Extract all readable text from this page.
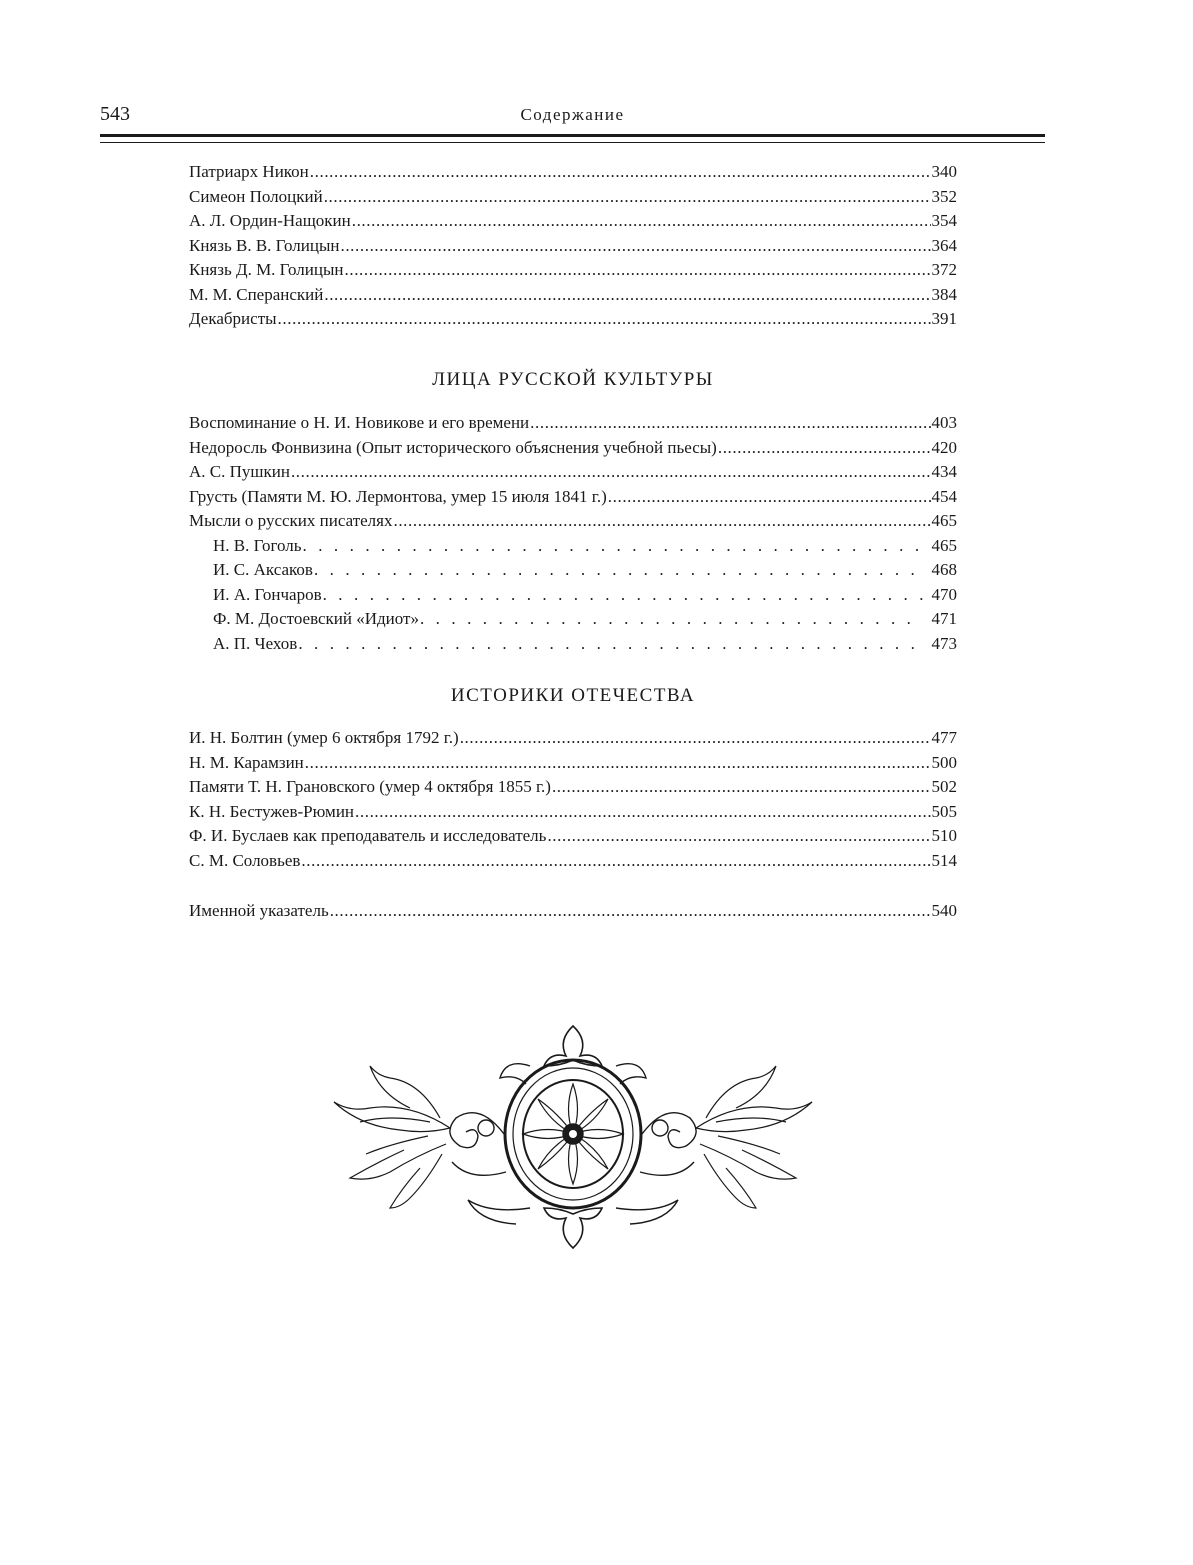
543	Содержание
Патриарх Никон .....	340
Симеон Полоцкий .....	352
А. Л. Ордин-Нащокин .....	354
Князь В. В. Голицын .....	364
Князь Д. М. Голицын .....	372
М. М. Сперанский .....	384
Декабристы .....	391
ЛИЦА РУССКОЙ КУЛЬТУРЫ
Воспоминание о Н. И. Новикове и его времени .....	403
Недоросль Фонвизина (Опыт исторического объяснения учебной пьесы) .....	420
А. С. Пушкин .....	434
Грусть (Памяти М. Ю. Лермонтова, умер 15 июля 1841 г.) .....	454
Мысли о русских писателях .....	465
Н. В. Гоголь . . .	465
И. С. Аксаков . . .	468
И. А. Гончаров . . .	470
Ф. М. Достоевский «Идиот» . . .	471
А. П. Чехов . . .	473
ИСТОРИКИ ОТЕЧЕСТВА
И. Н. Болтин (умер 6 октября 1792 г.) .....	477
Н. М. Карамзин .....	500
Памяти Т. Н. Грановского (умер 4 октября 1855 г.) .....	502
К. Н. Бестужев-Рюмин .....	505
Ф. И. Буслаев как преподаватель и исследователь .....	510
С. М. Соловьев .....	514
Именной указатель .....	540
